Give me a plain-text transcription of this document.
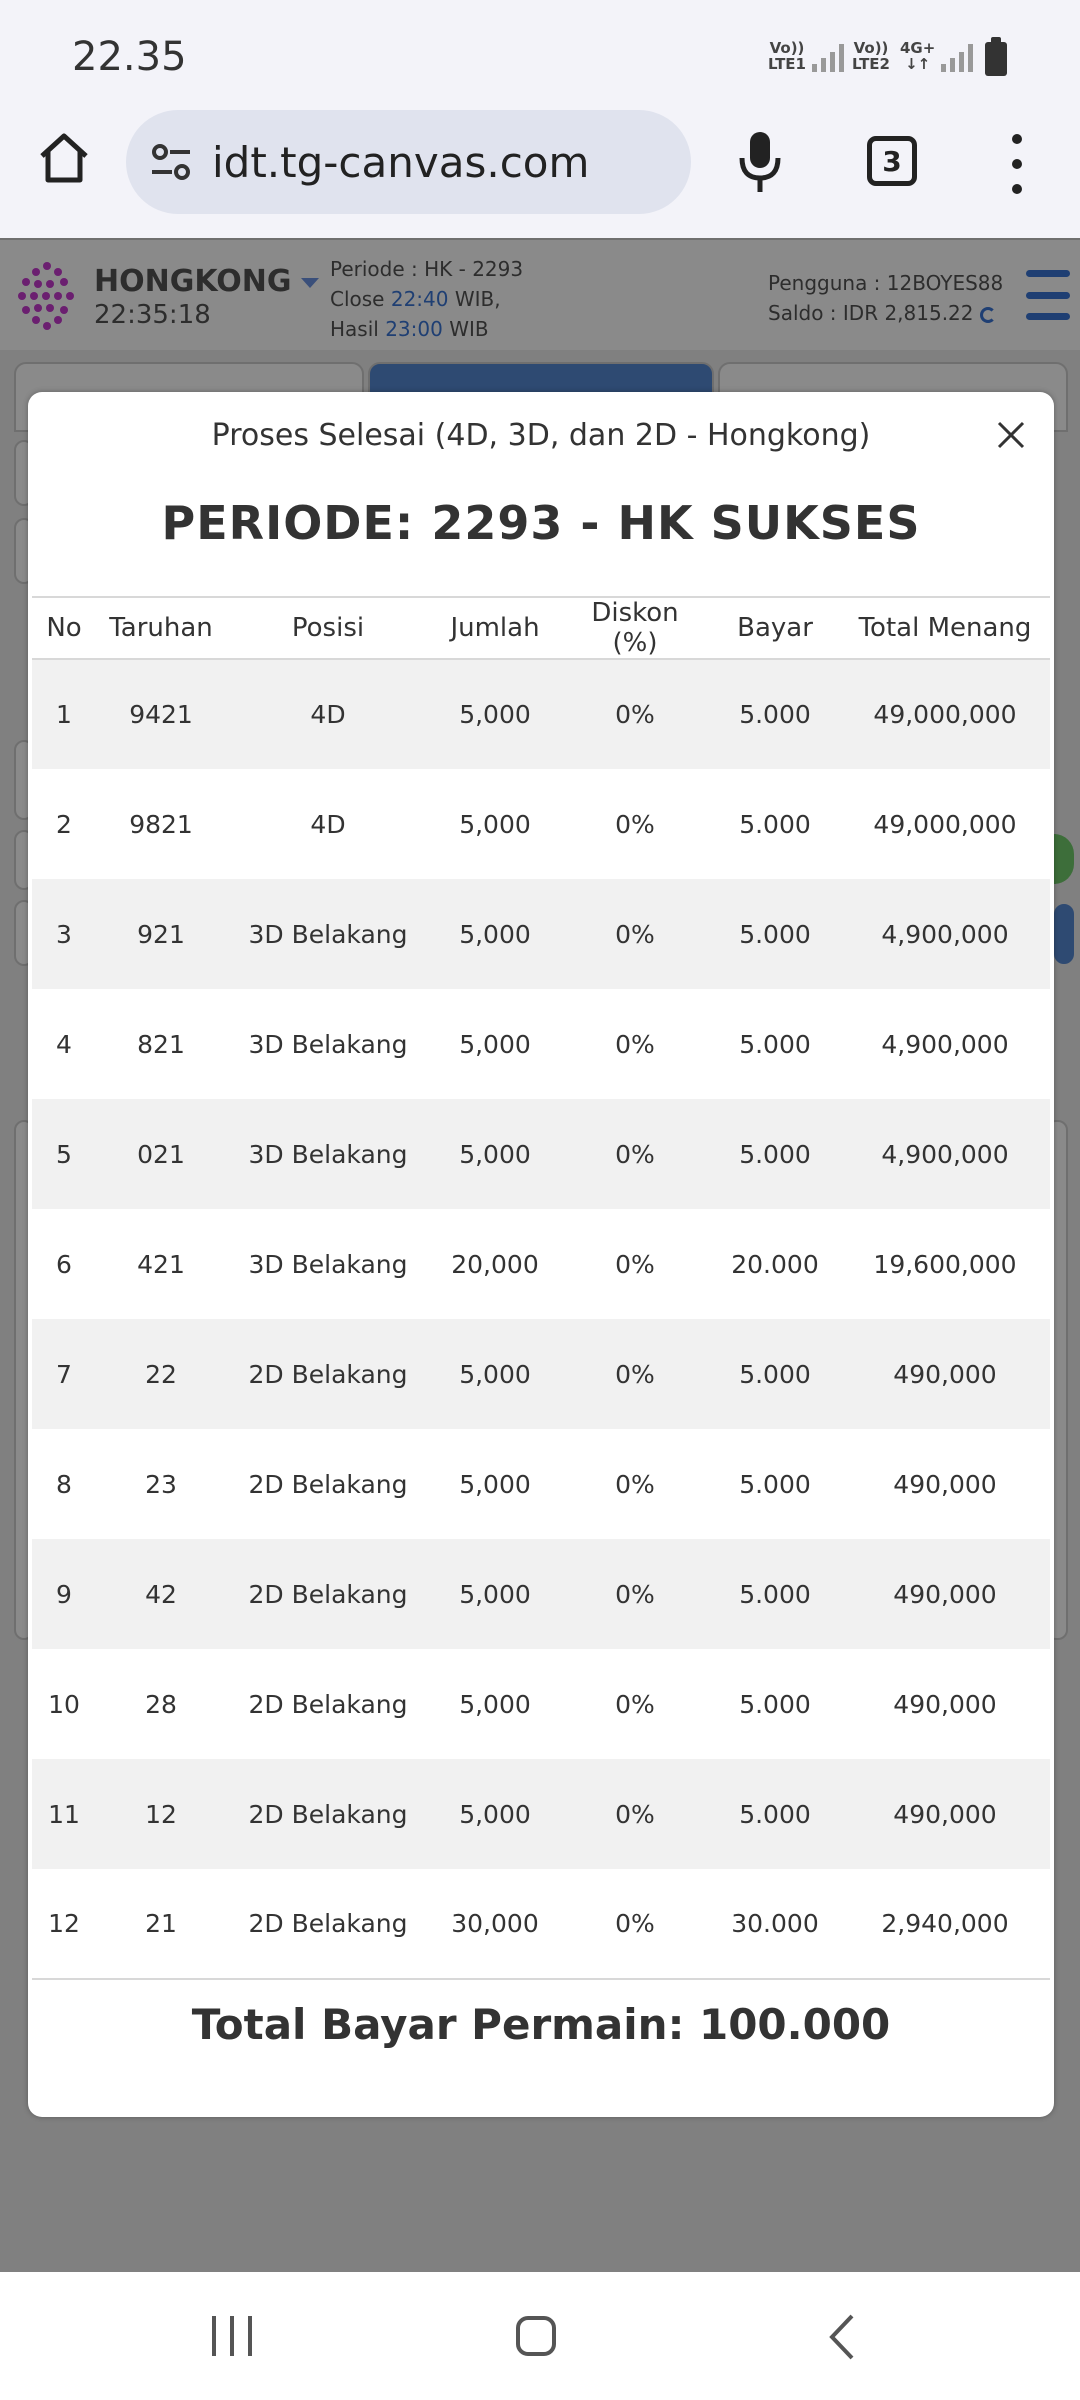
22.35	Vo))
LTE1
Vo))
LTE2
4G+
↓↑
idt.tg-canvas.com	3
HONGKONG
22:35:18
Periode : HK - 2293
Close 22:40 WIB,
Hasil 23:00 WIB
Pengguna : 12BOYES88
Saldo : IDR 2,815.22
Proses Selesai (4D, 3D, dan 2D - Hongkong)
PERIODE: 2293 - HK SUKSES
No	Taruhan	Posisi	Jumlah	Diskon (%)	Bayar	Total Menang
1	9421	4D	5,000	0%	5.000	49,000,000
2	9821	4D	5,000	0%	5.000	49,000,000
3	921	3D Belakang	5,000	0%	5.000	4,900,000
4	821	3D Belakang	5,000	0%	5.000	4,900,000
5	021	3D Belakang	5,000	0%	5.000	4,900,000
6	421	3D Belakang	20,000	0%	20.000	19,600,000
7	22	2D Belakang	5,000	0%	5.000	490,000
8	23	2D Belakang	5,000	0%	5.000	490,000
9	42	2D Belakang	5,000	0%	5.000	490,000
10	28	2D Belakang	5,000	0%	5.000	490,000
11	12	2D Belakang	5,000	0%	5.000	490,000
12	21	2D Belakang	30,000	0%	30.000	2,940,000
Total Bayar Permain: 100.000
